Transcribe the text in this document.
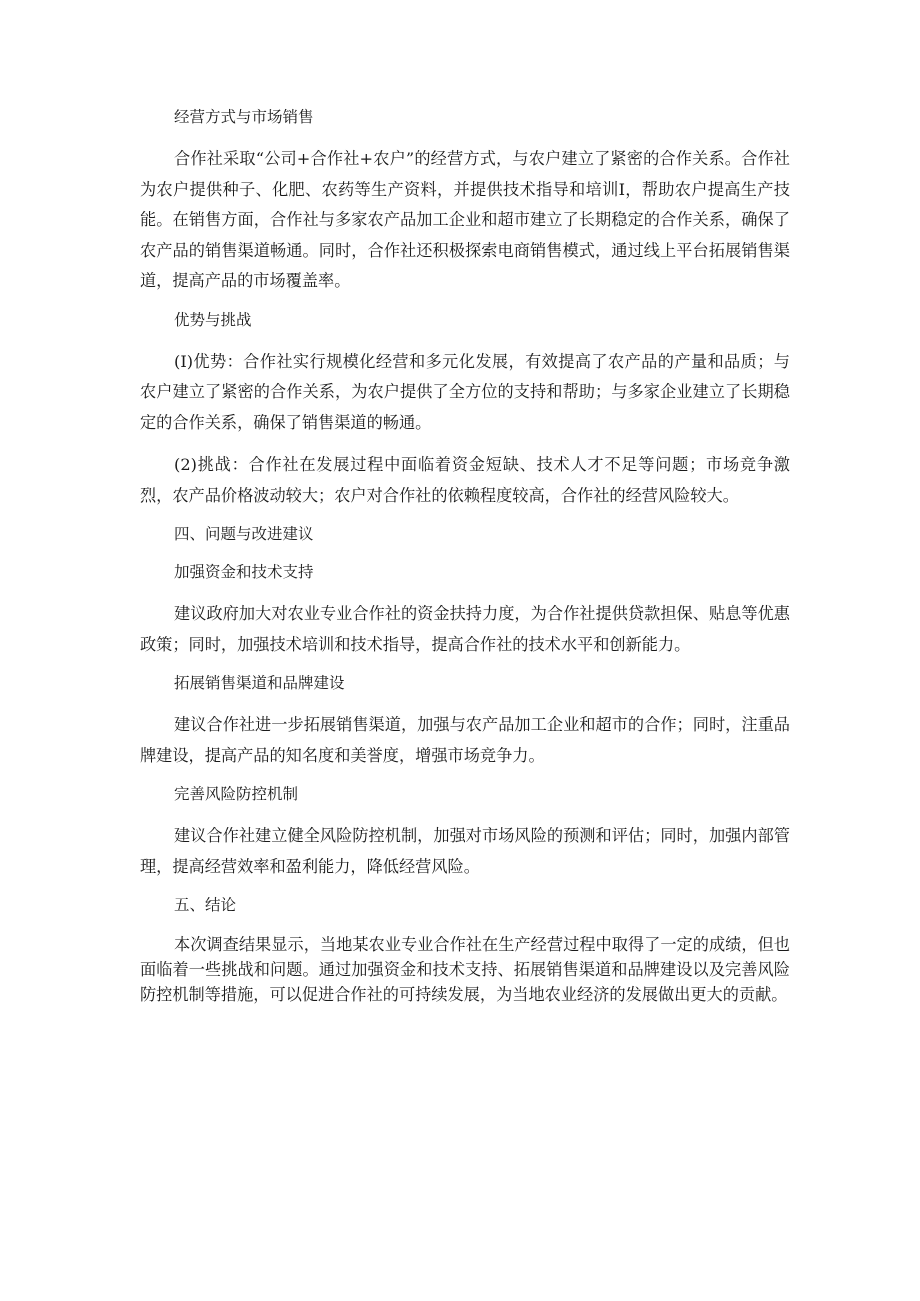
经营方式与市场销售
合作社采取“公司+合作社+农户”的经营方式，与农户建立了紧密的合作关系。合作社为农户提供种子、化肥、农药等生产资料，并提供技术指导和培训I，帮助农户提高生产技能。在销售方面，合作社与多家农产品加工企业和超市建立了长期稳定的合作关系，确保了农产品的销售渠道畅通。同时，合作社还积极探索电商销售模式，通过线上平台拓展销售渠道，提高产品的市场覆盖率。
优势与挑战
(I)优势：合作社实行规模化经营和多元化发展，有效提高了农产品的产量和品质；与农户建立了紧密的合作关系，为农户提供了全方位的支持和帮助；与多家企业建立了长期稳定的合作关系，确保了销售渠道的畅通。
(2)挑战：合作社在发展过程中面临着资金短缺、技术人才不足等问题；市场竞争激烈，农产品价格波动较大；农户对合作社的依赖程度较高，合作社的经营风险较大。
四、问题与改进建议
加强资金和技术支持
建议政府加大对农业专业合作社的资金扶持力度，为合作社提供贷款担保、贴息等优惠政策；同时，加强技术培训和技术指导，提高合作社的技术水平和创新能力。
拓展销售渠道和品牌建设
建议合作社进一步拓展销售渠道，加强与农产品加工企业和超市的合作；同时，注重品牌建设，提高产品的知名度和美誉度，增强市场竞争力。
完善风险防控机制
建议合作社建立健全风险防控机制，加强对市场风险的预测和评估；同时，加强内部管理，提高经营效率和盈利能力，降低经营风险。
五、结论
本次调查结果显示，当地某农业专业合作社在生产经营过程中取得了一定的成绩，但也面临着一些挑战和问题。通过加强资金和技术支持、拓展销售渠道和品牌建设以及完善风险防控机制等措施，可以促进合作社的可持续发展，为当地农业经济的发展做出更大的贡献。
